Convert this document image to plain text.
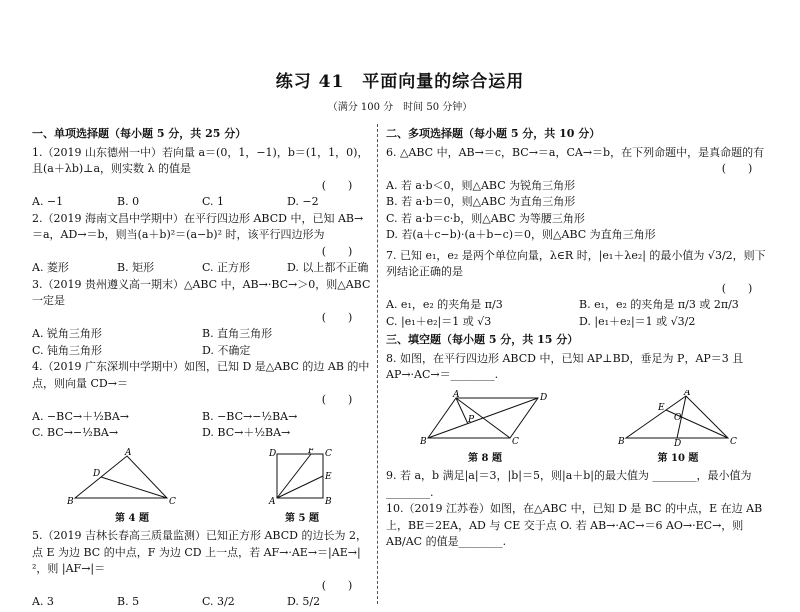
练习 41　平面向量的综合运用
（满分 100 分　时间 50 分钟）
一、单项选择题（每小题 5 分，共 25 分）
1.（2019 山东德州一中）若向量 a＝(0，1，−1)，b＝(1，1，0)，且(a＋λb)⊥a，则实数 λ 的值是
(　　)
A. −1	B. 0	C. 1	D. −2
2.（2019 海南文昌中学期中）在平行四边形 ABCD 中，已知 AB→＝a，AD→＝b，则当(a＋b)²＝(a−b)² 时，该平行四边形为
(　　)
A. 菱形	B. 矩形	C. 正方形	D. 以上都不正确
3.（2019 贵州遵义高一期末）△ABC 中，AB→·BC→＞0，则△ABC 一定是
(　　)
A. 锐角三角形	B. 直角三角形
C. 钝角三角形	D. 不确定
4.（2019 广东深圳中学期中）如图，已知 D 是△ABC 的边 AB 的中点，则向量 CD→＝
(　　)
A. −BC→＋½BA→	B. −BC→−½BA→
C. BC→−½BA→	D. BC→＋½BA→
A
D
B	C
第 4 题
D	F C
E
A	B
第 5 题
5.（2019 吉林长春高三质量监测）已知正方形 ABCD 的边长为 2，点 E 为边 BC 的中点，F 为边 CD 上一点，若 AF→·AE→＝|AE→|²，则 |AF→|＝
(　　)
A. 3	B. 5	C. 3/2	D. 5/2
二、多项选择题（每小题 5 分，共 10 分）
6. △ABC 中，AB→＝c，BC→＝a，CA→＝b，在下列命题中，是真命题的有
(　　)
A. 若 a·b＜0，则△ABC 为锐角三角形
B. 若 a·b＝0，则△ABC 为直角三角形
C. 若 a·b＝c·b，则△ABC 为等腰三角形
D. 若(a＋c−b)·(a＋b−c)＝0，则△ABC 为直角三角形
7. 已知 e₁，e₂ 是两个单位向量，λ∈R 时，|e₁＋λe₂| 的最小值为 √3/2，则下列结论正确的是
(　　)
A. e₁，e₂ 的夹角是 π/3	B. e₁，e₂ 的夹角是 π/3 或 2π/3
C. |e₁＋e₂|＝1 或 √3	D. |e₁＋e₂|＝1 或 √3/2
三、填空题（每小题 5 分，共 15 分）
8. 如图，在平行四边形 ABCD 中，已知 AP⊥BD，垂足为 P，AP＝3 且 AP→·AC→＝________.
A	D
P
B	C
第 8 题
A
E
O
B	D	C
第 10 题
9. 若 a，b 满足|a|＝3，|b|＝5，则|a＋b|的最大值为 ________，最小值为 ________.
10.（2019 江苏卷）如图，在△ABC 中，已知 D 是 BC 的中点，E 在边 AB 上，BE＝2EA，AD 与 CE 交于点 O. 若 AB→·AC→＝6 AO→·EC→，则 AB/AC 的值是________.
